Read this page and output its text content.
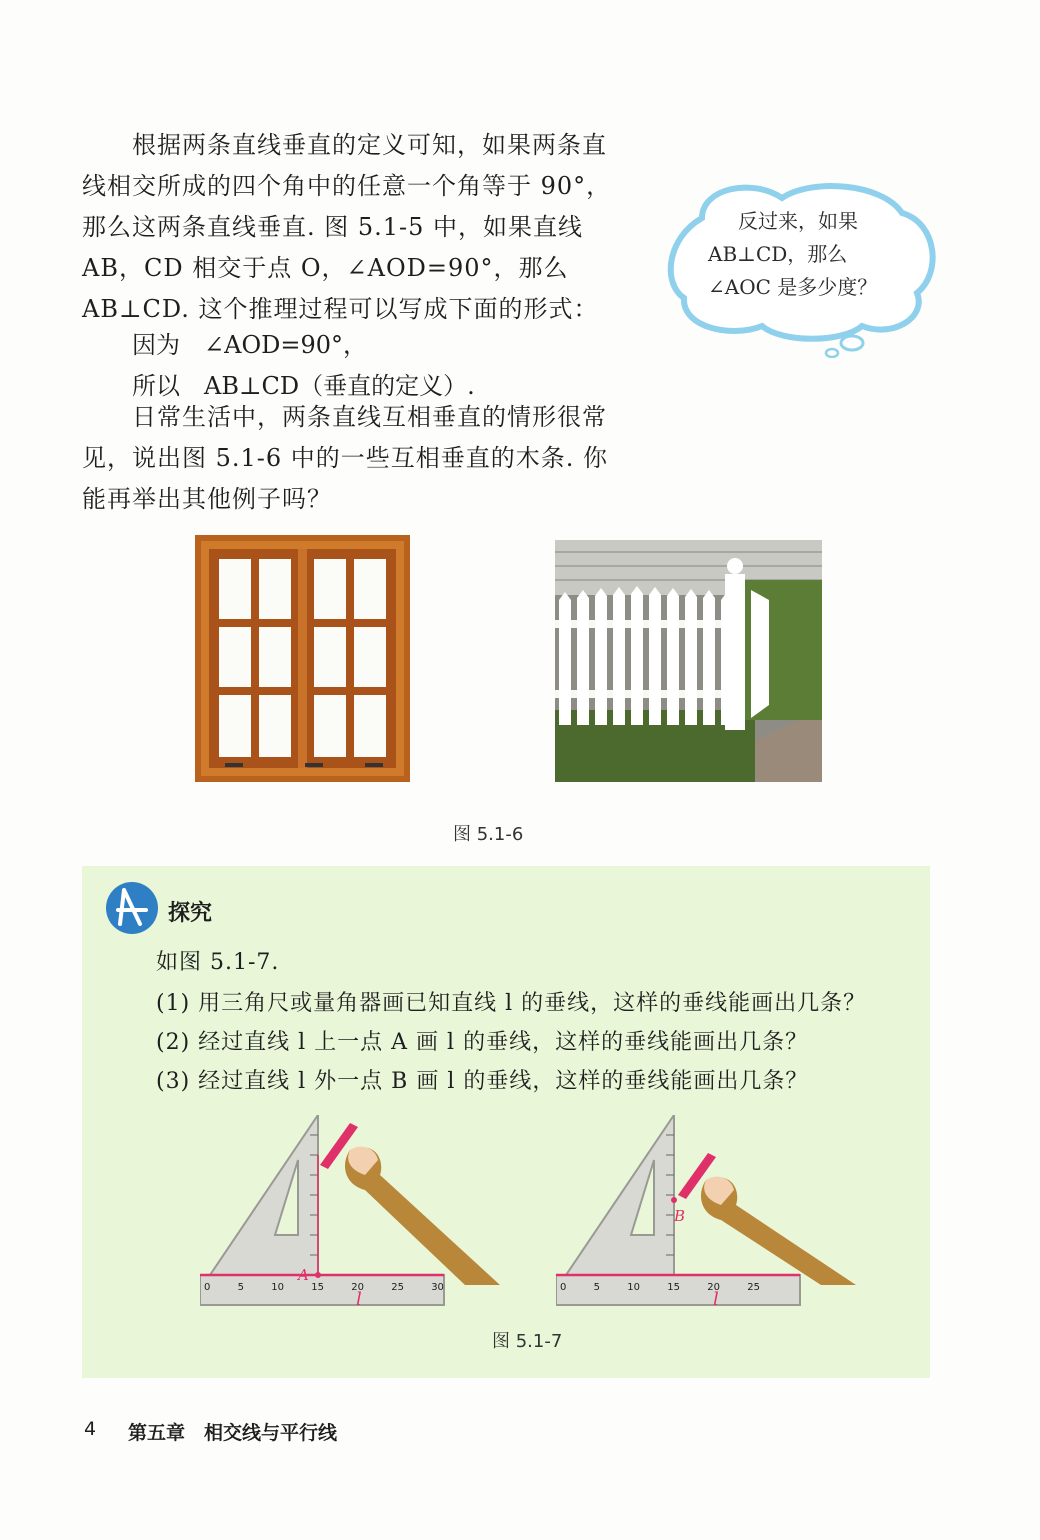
根据两条直线垂直的定义可知，如果两条直线相交所成的四个角中的任意一个角等于 90°，那么这两条直线垂直. 图 5.1-5 中，如果直线 AB，CD 相交于点 O，∠AOD=90°，那么 AB⊥CD. 这个推理过程可以写成下面的形式：

因为　∠AOD=90°，

所以　AB⊥CD（垂直的定义）.

日常生活中，两条直线互相垂直的情形很常见，说出图 5.1-6 中的一些互相垂直的木条. 你能再举出其他例子吗？

反过来，如果
AB⊥CD，那么
∠AOC 是多少度？
图 5.1-6
探究
如图 5.1-7.
(1) 用三角尺或量角器画已知直线 l 的垂线，这样的垂线能画出几条？
(2) 经过直线 l 上一点 A 画 l 的垂线，这样的垂线能画出几条？
(3) 经过直线 l 外一点 B 画 l 的垂线，这样的垂线能画出几条？
A
l
0	5	10	15	20	25	30
B
l
0	5	10	15	20	25
图 5.1-7
4 第五章　相交线与平行线
